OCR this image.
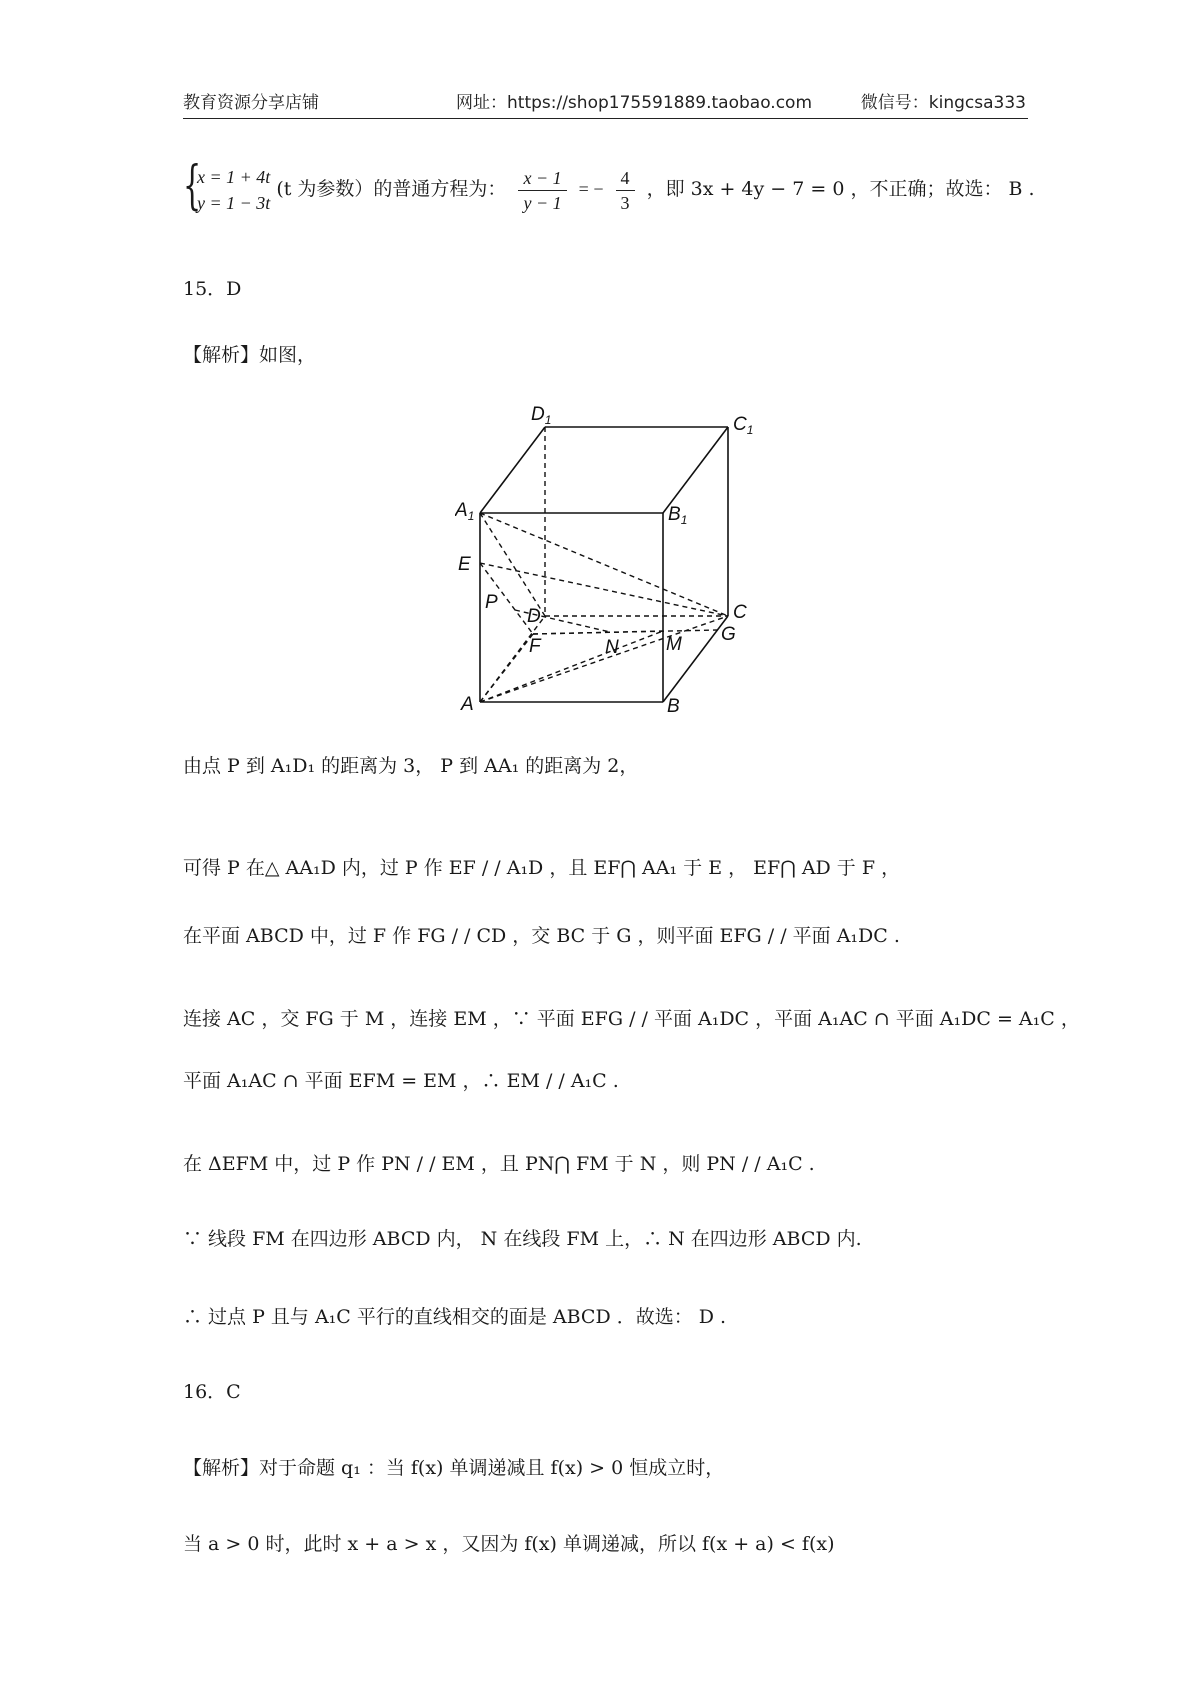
教育资源分享店铺	网址：https://shop175591889.taobao.com	微信号：kingcsa333
{
x = 1 + 4t
y = 1 − 3t
(t 为参数）的普通方程为： $\frac{x - 1}{y - 1}$ = − $\frac{4}{3}$ ，即 3x + 4y − 7 = 0 ，不正确；故选： B .
15．D
【解析】如图，
$D_1$	$C_1$
$A_1$	$B_1$
E
P
D	C
F	N M G
A	B
由点 P 到 A₁D₁ 的距离为 3， P 到 AA₁ 的距离为 2，
可得 P 在△ AA₁D 内，过 P 作 EF / / A₁D ，且 EF⋂ AA₁ 于 E ， EF⋂ AD 于 F ，
在平面 ABCD 中，过 F 作 FG / / CD ，交 BC 于 G ，则平面 EFG / / 平面 A₁DC .
连接 AC ，交 FG 于 M ，连接 EM ，∵ 平面 EFG / / 平面 A₁DC ，平面 A₁AC ∩ 平面 A₁DC = A₁C ，
平面 A₁AC ∩ 平面 EFM = EM ，∴ EM / / A₁C .
在 ΔEFM 中，过 P 作 PN / / EM ，且 PN⋂ FM 于 N ，则 PN / / A₁C .
∵ 线段 FM 在四边形 ABCD 内， N 在线段 FM 上，∴ N 在四边形 ABCD 内.
∴ 过点 P 且与 A₁C 平行的直线相交的面是 ABCD ．故选： D .
16．C
【解析】对于命题 q₁ ：当 f(x) 单调递减且 f(x) > 0 恒成立时，
当 a > 0 时，此时 x + a > x ，又因为 f(x) 单调递减，所以 f(x + a) < f(x)
